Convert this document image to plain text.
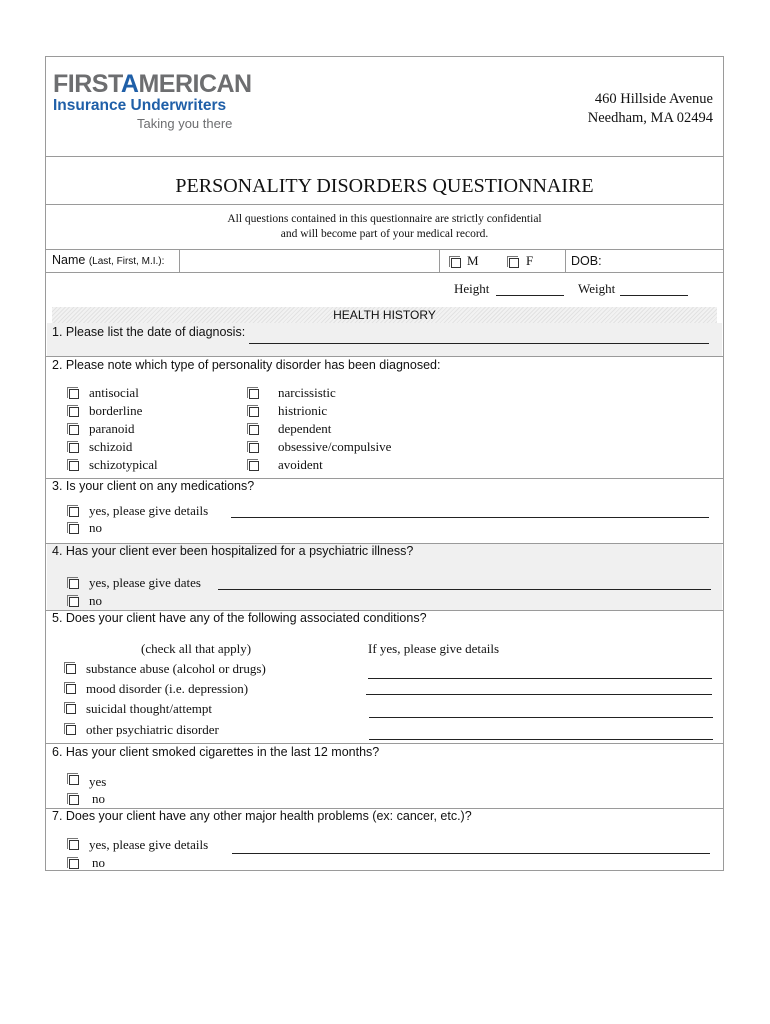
FIRSTAMERICAN
Insurance Underwriters
Taking you there
460 Hillside Avenue
Needham, MA 02494
PERSONALITY DISORDERS QUESTIONNAIRE
All questions contained in this questionnaire are strictly confidential
and will become part of your medical record.
Name (Last, First, M.I.):	M	F	DOB:
Height	Weight
HEALTH HISTORY
1. Please list the date of diagnosis:
2. Please note which type of personality disorder has been diagnosed:
antisocial
borderline
paranoid
schizoid
schizotypical
narcissistic
histrionic
dependent
obsessive/compulsive
avoident
3. Is your client on any medications?
yes, please give details
no
4. Has your client ever been hospitalized for a psychiatric illness?
yes, please give dates
no
5. Does your client have any of the following associated conditions?
(check all that apply)	If yes, please give details
substance abuse (alcohol or drugs)
mood disorder (i.e. depression)
suicidal thought/attempt
other psychiatric disorder
6. Has your client smoked cigarettes in the last 12 months?
yes
no
7. Does your client have any other major health problems (ex: cancer, etc.)?
yes, please give details
no
